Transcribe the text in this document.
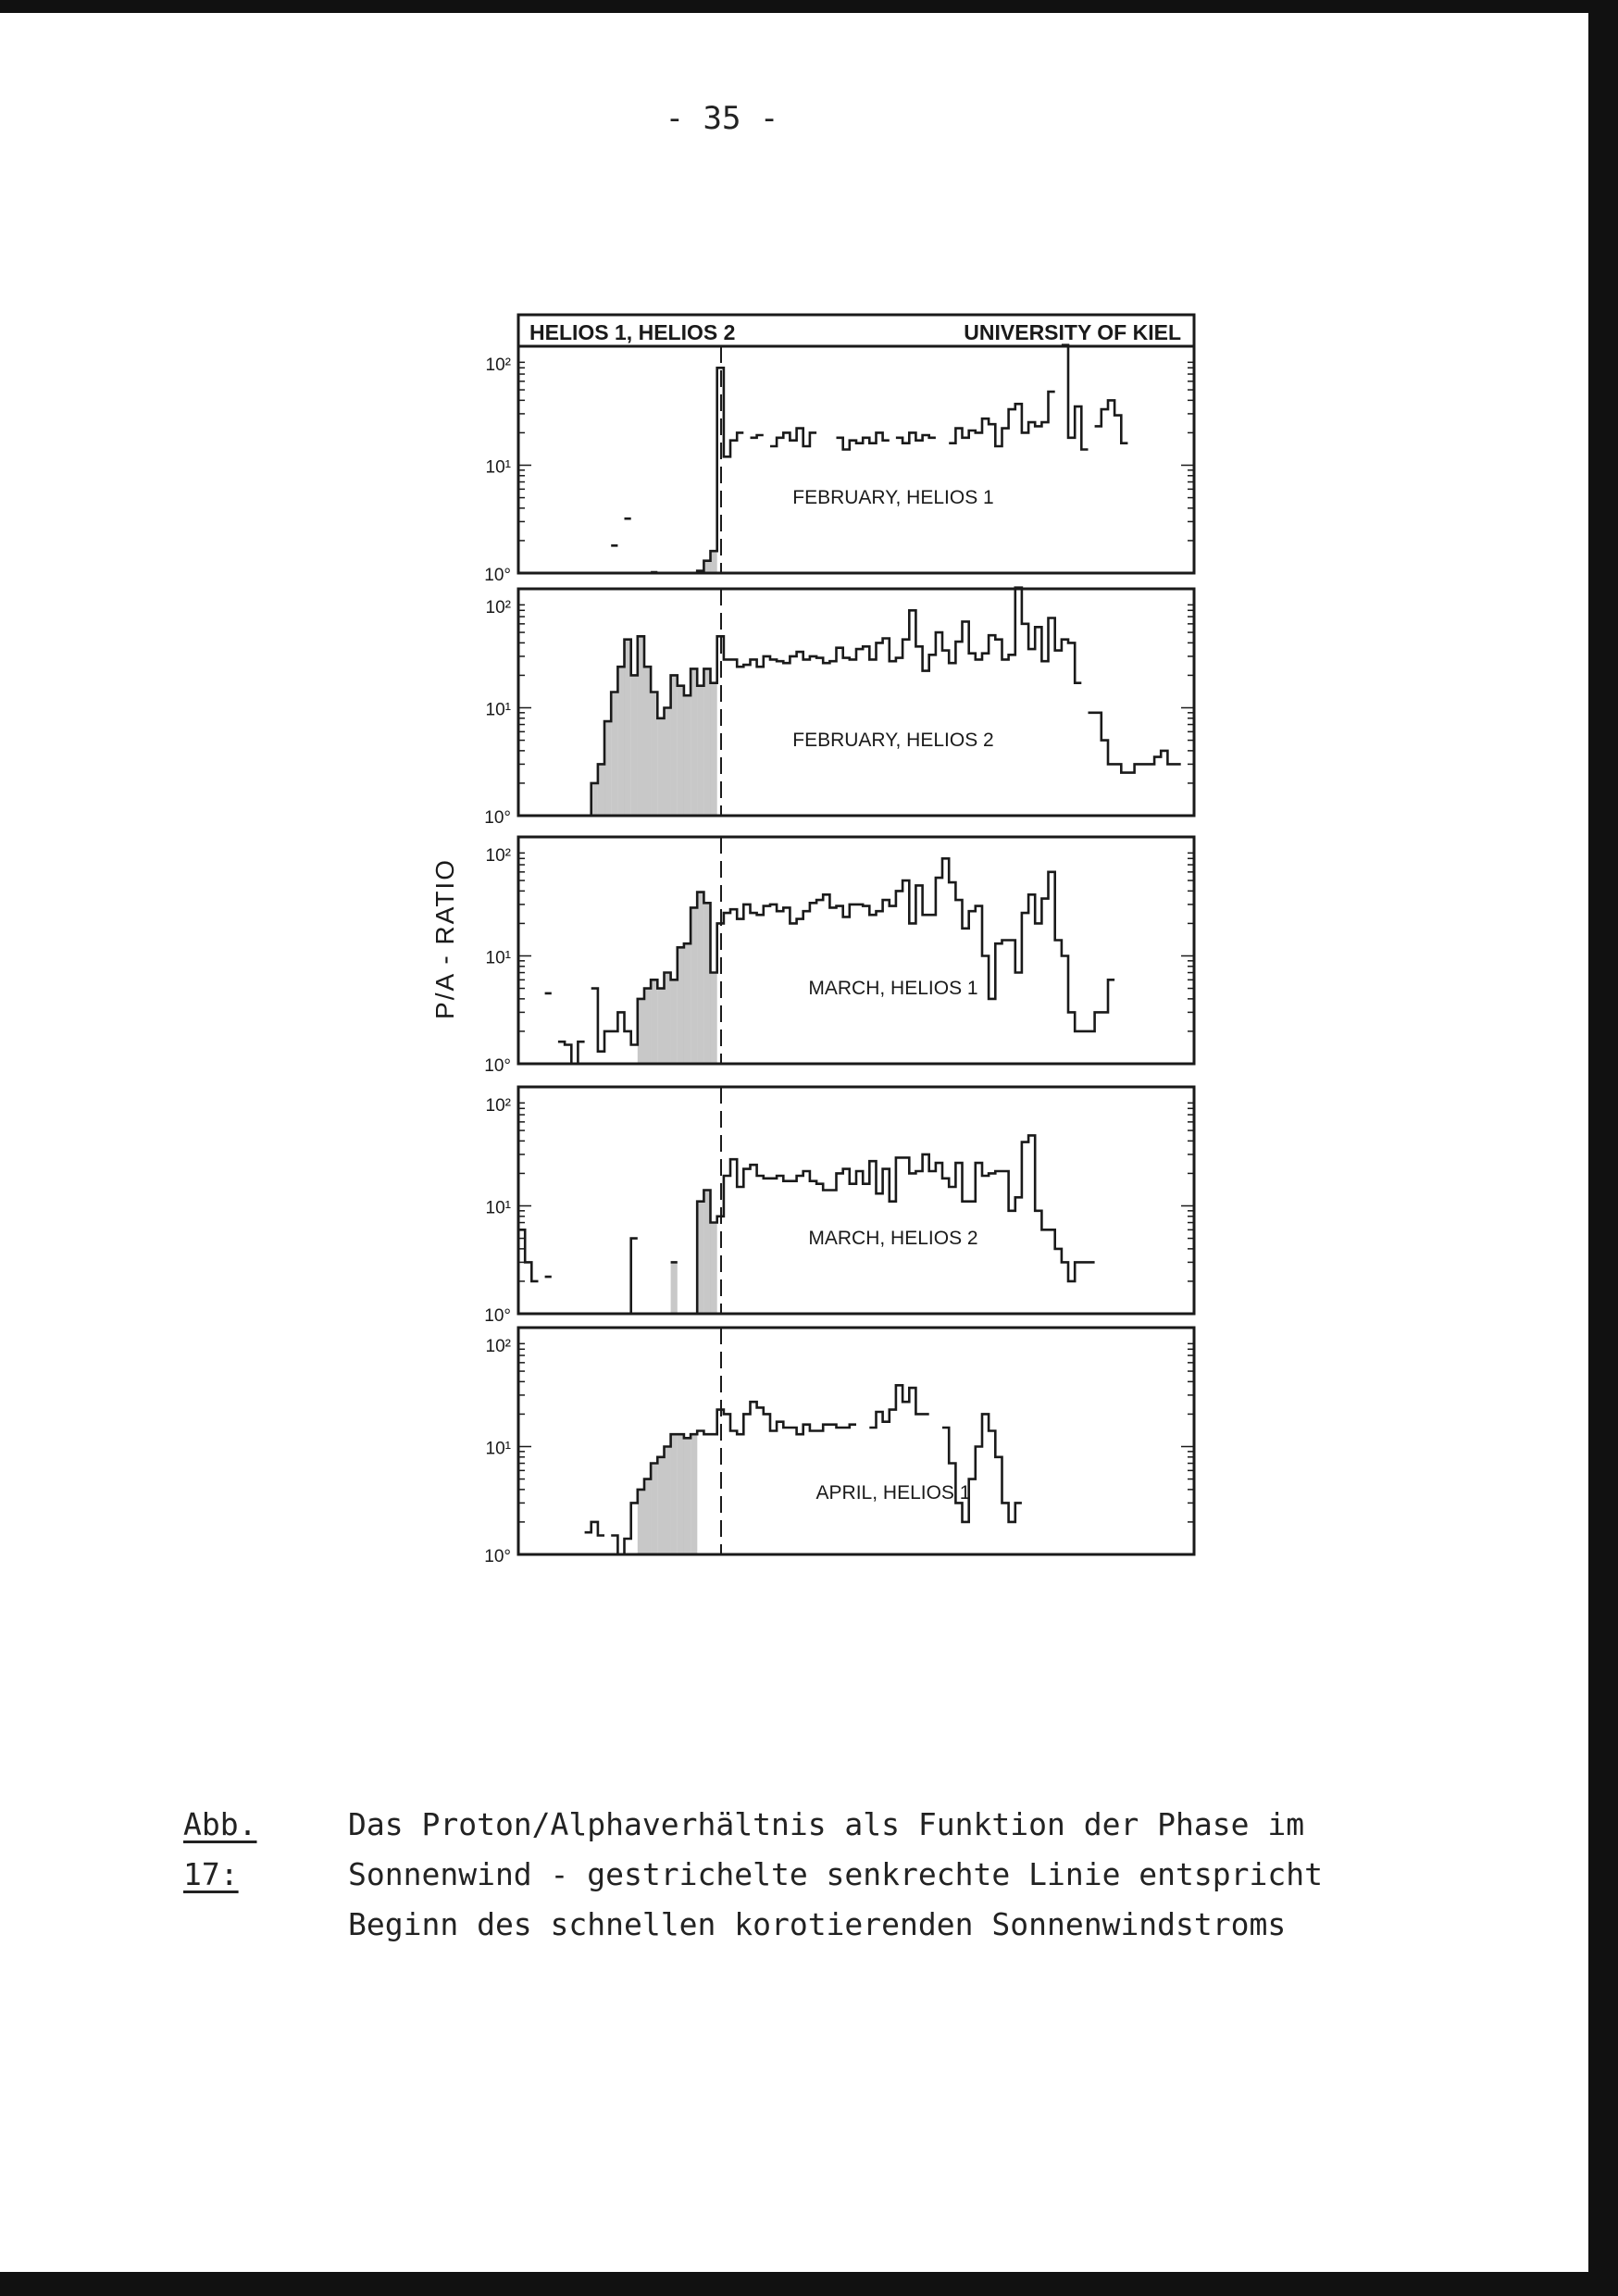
- 35 -
HELIOS 1, HELIOS 2	UNIVERSITY OF KIEL
P/A - RATIO
10°
10¹
10²
FEBRUARY, HELIOS 1
10°
10¹
10²
FEBRUARY, HELIOS 2
10°
10¹
10²
MARCH, HELIOS 1
10°
10¹
10²
MARCH, HELIOS 2
10°
10¹
10²
APRIL, HELIOS 1
Abb. 17:
Das Proton/Alphaverhältnis als Funktion der Phase im
Sonnenwind - gestrichelte senkrechte Linie entspricht
Beginn des schnellen korotierenden Sonnenwindstroms
